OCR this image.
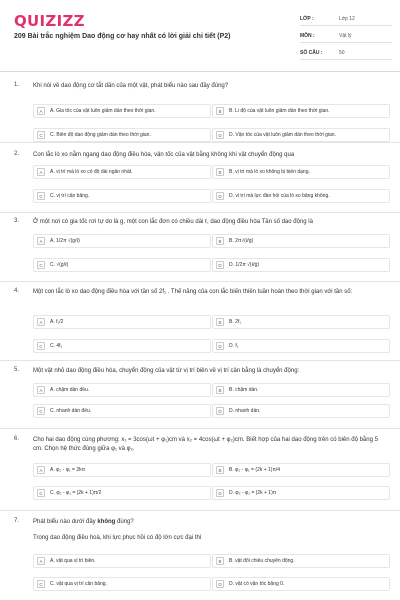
QUIZIZZ
209 Bài trắc nghiệm Dao động cơ hay nhất có lời giải chi tiết (P2)
LỚP :	Lớp 12
MÔN :	Vật lý
SỐ CÂU :	50
1. Khi nói về dao động cơ tắt dần của một vật, phát biểu nào sau đây đúng?
A	A. Gia tốc của vật luôn giảm dần theo thời gian.	B	B. Li độ của vật luôn giảm dần theo thời gian.
C	C. Biên độ dao động giảm dần theo thời gian.	D	D. Vận tốc của vật luôn giảm dần theo thời gian.
2. Con lắc lò xo nằm ngang dao động điều hòa, vận tốc của vật bằng không khi vật chuyển động qua
A	A. vị trí mà lò xo có độ dài ngắn nhất.	B	B. vị trí mà lò xo không bị biến dạng.
C	C. vị trí cân bằng.	D	D. vị trí mà lực đàn hồi của lò xo bằng không.
3. Ở một nơi có gia tốc rơi tự do là g, một con lắc đơn có chiều dài ℓ, dao động điều hòa Tần số dao động là
A	A. 1/2π √(g/ℓ)	B	B. 2π√(ℓ/g)
C	C. √(g/ℓ)	D	D. 1/2π √(ℓ/g)
4. Một con lắc lò xo dao động điều hòa với tần số 2f₁ . Thế năng của con lắc biến thiên tuần hoàn theo thời gian với tần số:
A	A. f₁/2	B	B. 2f₁
C	C. 4f₁	D	D. f₁
5. Một vật nhỏ dao động điều hòa, chuyển động của vật từ vị trí biên về vị trí cân bằng là chuyển động:
A	A. chậm dần đều.	B	B. chậm dần.
C	C. nhanh dần đều.	D	D. nhanh dần.
6. Cho hai dao động cùng phương: x₁ = 3cos(ωt + φ₁)cm và x₂ = 4cos(ωt + φ₂)cm. Biết hợp của hai dao động trên có biên độ bằng 5 cm. Chọn hệ thức đúng giữa φ₁ và φ₂.
A	A. φ₂ - φ₁ = 2kπ	B	B. φ₂ - φ₁ = (2k + 1)π/4
C	C. φ₂ - φ₁ = (2k + 1)π/2	D	D. φ₂ - φ₁ = (2k + 1)π
7. Phát biểu nào dưới đây không đúng?
Trong dao động điều hoà, khi lực phục hồi có độ lớn cực đại thì
A	A. vật qua vị trí biên.	B	B. vật đổi chiều chuyển động.
C	C. vật qua vị trí cân bằng.	D	D. vật có vận tốc bằng 0.
